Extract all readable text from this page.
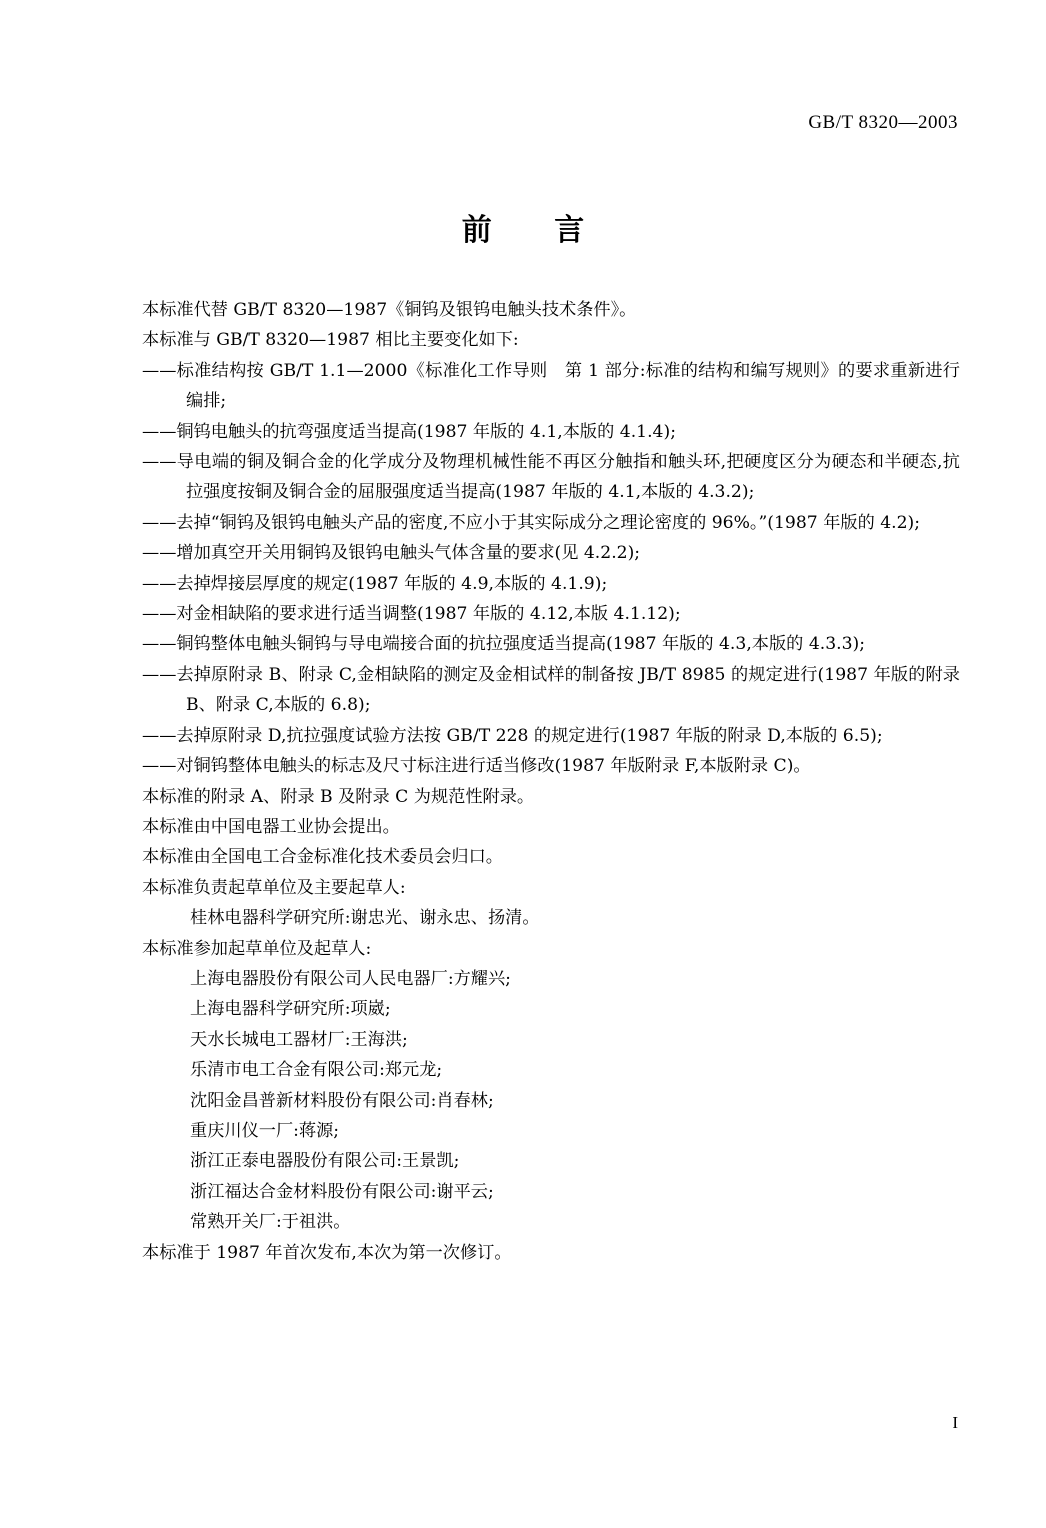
GB/T 8320—2003
前 言

本标准代替 GB/T 8320—1987《铜钨及银钨电触头技术条件》。

本标准与 GB/T 8320—1987 相比主要变化如下:

——标准结构按 GB/T 1.1—2000《标准化工作导则　第 1 部分:标准的结构和编写规则》的要求重新进行编排;

——铜钨电触头的抗弯强度适当提高(1987 年版的 4.1,本版的 4.1.4);

——导电端的铜及铜合金的化学成分及物理机械性能不再区分触指和触头环,把硬度区分为硬态和半硬态,抗拉强度按铜及铜合金的屈服强度适当提高(1987 年版的 4.1,本版的 4.3.2);

——去掉“铜钨及银钨电触头产品的密度,不应小于其实际成分之理论密度的 96%。”(1987 年版的 4.2);

——增加真空开关用铜钨及银钨电触头气体含量的要求(见 4.2.2);

——去掉焊接层厚度的规定(1987 年版的 4.9,本版的 4.1.9);

——对金相缺陷的要求进行适当调整(1987 年版的 4.12,本版 4.1.12);

——铜钨整体电触头铜钨与导电端接合面的抗拉强度适当提高(1987 年版的 4.3,本版的 4.3.3);

——去掉原附录 B、附录 C,金相缺陷的测定及金相试样的制备按 JB/T 8985 的规定进行(1987 年版的附录 B、附录 C,本版的 6.8);

——去掉原附录 D,抗拉强度试验方法按 GB/T 228 的规定进行(1987 年版的附录 D,本版的 6.5);

——对铜钨整体电触头的标志及尺寸标注进行适当修改(1987 年版附录 F,本版附录 C)。

本标准的附录 A、附录 B 及附录 C 为规范性附录。

本标准由中国电器工业协会提出。

本标准由全国电工合金标准化技术委员会归口。

本标准负责起草单位及主要起草人:

桂林电器科学研究所:谢忠光、谢永忠、扬清。

本标准参加起草单位及起草人:

上海电器股份有限公司人民电器厂:方耀兴;

上海电器科学研究所:项崴;

天水长城电工器材厂:王海洪;

乐清市电工合金有限公司:郑元龙;

沈阳金昌普新材料股份有限公司:肖春林;

重庆川仪一厂:蒋源;

浙江正泰电器股份有限公司:王景凯;

浙江福达合金材料股份有限公司:谢平云;

常熟开关厂:于祖洪。

本标准于 1987 年首次发布,本次为第一次修订。

I
